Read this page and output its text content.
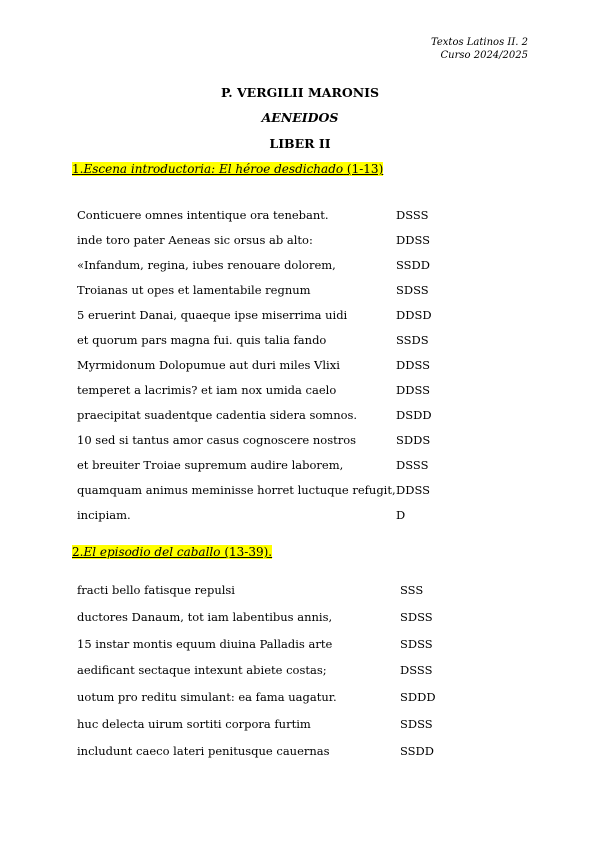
Textos Latinos II. 2
Curso 2024/2025
P. VERGILII MARONIS
AENEIDOS
LIBER II
1.Escena introductoria: El héroe desdichado (1-13)
Conticuere omnes intentique ora tenebant.	DSSS
inde toro pater Aeneas sic orsus ab alto:	DDSS
«Infandum, regina, iubes renouare dolorem,	SSDD
Troianas ut opes et lamentabile regnum	SDSS
5 eruerint Danai, quaeque ipse miserrima uidi	DDSD
et quorum pars magna fui. quis talia fando	SSDS
Myrmidonum Dolopumue aut duri miles Vlixi	DDSS
temperet a lacrimis? et iam nox umida caelo	DDSS
praecipitat suadentque cadentia sidera somnos.	DSDD
10 sed si tantus amor casus cognoscere nostros	SDDS
et breuiter Troiae supremum audire laborem,	DSSS
quamquam animus meminisse horret luctuque refugit, DDSS
incipiam.	D
2.El episodio del caballo (13-39).
fracti bello fatisque repulsi	SSS
ductores Danaum, tot iam labentibus annis,	SDSS
15 instar montis equum diuina Palladis arte	SDSS
aedificant sectaque intexunt abiete costas;	DSSS
uotum pro reditu simulant: ea fama uagatur.	SDDD
huc delecta uirum sortiti corpora furtim	SDSS
includunt caeco lateri penitusque cauernas	SSDD
